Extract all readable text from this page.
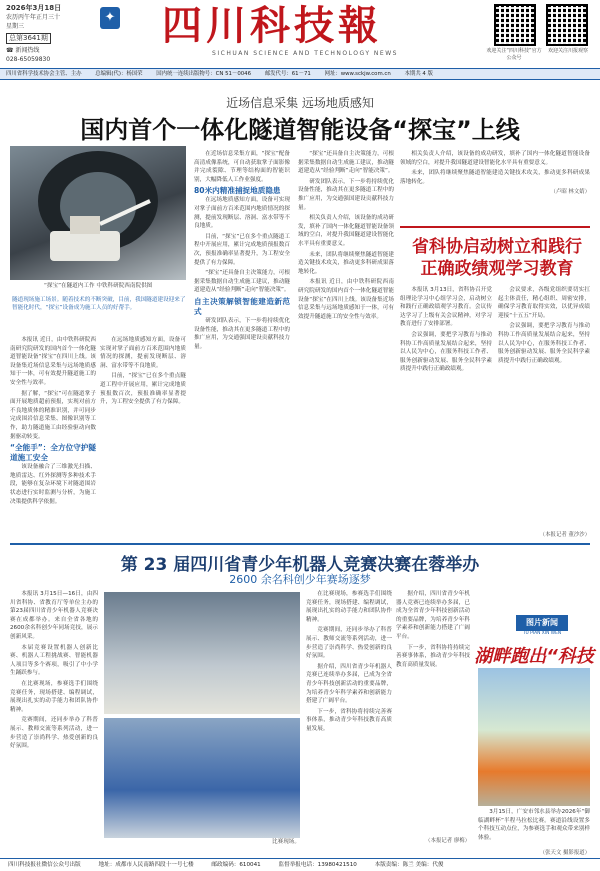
2026年3月18日
农历丙午年正月三十
星期三
总第3641期
☎ 新闻热线
028-65059830
✦ 四川科技報
SICHUAN SCIENCE AND TECHNOLOGY NEWS	欢迎关注“四川科技”官方公众号
欢迎关注川报观察
四川省科学技术协会主管、主办	总编辑(代)：杨国荣	国内统一连续出版物号：CN 51－0046	邮发代号：61－71	网址：www.sckjw.com.cn	本期共 4 版
近场信息采集 远场地质感知
国内首个一体化隧道智能设备“探宝”上线
“探宝”在隧道内工作 中铁科研院西南院供图
隧道现场施工场景。随着技术的不断突破，目前，我国隧道建设迎来了智能化时代，“探宝”设备成为施工人员的好帮手。

本报讯 近日，由中铁科研院西南研究院研发的国内首个一体化隧道智能设备“探宝”在四川上线。该设备集近场信息采集与远场地质感知于一体，可有效提升隧道施工的安全性与效率。

据了解，“探宝”可在隧道掌子面开展地质超前预报，实现对前方不良地质体的精准识别，并可同步完成围岩信息采集、图像识别等工作，助力隧道施工由经验驱动向数据驱动转变。

“全能手”：全方位守护隧道施工安全

该设备融合了三维激光扫描、地质雷达、红外探测等多种技术手段，能够在复杂环境下对隧道围岩状态进行实时监测与分析，为施工决策提供科学依据。

在远场地质感知方面，设备可实现对掌子面前方百米范围内地质情况的探测，提前发现断层、溶洞、富水带等不良地质。

目前，“探宝”已在多个重点隧道工程中开展应用，累计完成地质预报数百次，预报准确率显著提升，为工程安全提供了有力保障。

在近场信息采集方面，“探宝”配备高清成像系统，可自动获取掌子面影像并完成裂隙、节理等结构面的智能识别，大幅降低人工作业强度。

80米内精准捕捉地质隐患

在远场地质感知方面，设备可实现对掌子面前方百米范围内地质情况的探测，提前发现断层、溶洞、富水带等不良地质。

目前，“探宝”已在多个重点隧道工程中开展应用，累计完成地质预报数百次，预报准确率显著提升，为工程安全提供了有力保障。

“探宝”还具备自主决策能力，可根据采集数据自动生成施工建议，推动隧道建造从“经验判断”走向“智能决策”。

自主决策解锁智能建造新范式

研发团队表示，下一步将持续优化设备性能，推动其在更多隧道工程中的推广应用，为交通强国建设贡献科技力量。

“探宝”还具备自主决策能力，可根据采集数据自动生成施工建议，推动隧道建造从“经验判断”走向“智能决策”。

研发团队表示，下一步将持续优化设备性能，推动其在更多隧道工程中的推广应用，为交通强国建设贡献科技力量。

相关负责人介绍，该设备的成功研发，填补了国内一体化隧道智能设备领域的空白，对提升我国隧道建设智能化水平具有重要意义。

未来，团队将继续聚焦隧道智能建造关键技术攻关，推动更多科研成果落地转化。

本报讯 近日，由中铁科研院西南研究院研发的国内首个一体化隧道智能设备“探宝”在四川上线。该设备集近场信息采集与远场地质感知于一体，可有效提升隧道施工的安全性与效率。

相关负责人介绍，该设备的成功研发，填补了国内一体化隧道智能设备领域的空白，对提升我国隧道建设智能化水平具有重要意义。

未来，团队将继续聚焦隧道智能建造关键技术攻关，推动更多科研成果落地转化。

（卢昭 林文婧）
省科协启动树立和践行正确政绩观学习教育

本报讯 3月13日，省科协召开党组理论学习中心组学习会，启动树立和践行正确政绩观学习教育。会议传达学习了上级有关会议精神，对学习教育进行了安排部署。

会议强调，要把学习教育与推动科协工作高质量发展结合起来，坚持以人民为中心，在服务科技工作者、服务创新驱动发展、服务全民科学素质提升中践行正确政绩观。

会议要求，各级党组织要切实扛起主体责任，精心组织、周密安排，确保学习教育取得实效，以优异成绩迎接“十五五”开局。

会议强调，要把学习教育与推动科协工作高质量发展结合起来，坚持以人民为中心，在服务科技工作者、服务创新驱动发展、服务全民科学素质提升中践行正确政绩观。

（本报记者 董沙沙）
第 23 届四川省青少年机器人竞赛决赛在蓉举办
2600 余名科创少年赛场逐梦

本报讯 3月15日—16日，由四川省科协、省教育厅等单位主办的第23届四川省青少年机器人竞赛决赛在成都举办。来自全省各地的2600余名科创少年同场竞技，展示创新风采。

本届竞赛设置机器人创新比赛、机器人工程挑战赛、智能机器人项目等多个赛项，吸引了中小学生踊跃参与。

在比赛现场，参赛选手们围绕竞赛任务，现场搭建、编程调试，展现出扎实的动手能力和团队协作精神。

竞赛期间，还同步举办了科普展示、教师交流等系列活动，进一步营造了崇尚科学、热爱创新的良好氛围。

比赛现场。

在比赛现场，参赛选手们围绕竞赛任务，现场搭建、编程调试，展现出扎实的动手能力和团队协作精神。

竞赛期间，还同步举办了科普展示、教师交流等系列活动，进一步营造了崇尚科学、热爱创新的良好氛围。

据介绍，四川省青少年机器人竞赛已连续举办多届，已成为全省青少年科技创新活动的重要品牌，为培养青少年科学素养和创新能力搭建了广阔平台。

下一步，省科协将持续完善赛事体系，推动青少年科技教育高质量发展。

据介绍，四川省青少年机器人竞赛已连续举办多届，已成为全省青少年科技创新活动的重要品牌，为培养青少年科学素养和创新能力搭建了广阔平台。

下一步，省科协将持续完善赛事体系，推动青少年科技教育高质量发展。

（本报记者 廖梅）
图片新闻
TU PIAN XIN WEN
湖畔跑出“科技

3月15日，广安市邻水县举办2026年“御临湖畔杯”半程马拉松比赛。赛道沿线设置多个科技互动点位，为参赛选手和观众带来别样体验。

（张天文 摄影报道）
四川科技报社微信公众号出版	地址：成都市人民南路四段十一号七楼	邮政编码：610041	监督举报电话：13980421510	本版责编：陈兰 美编：代俊
